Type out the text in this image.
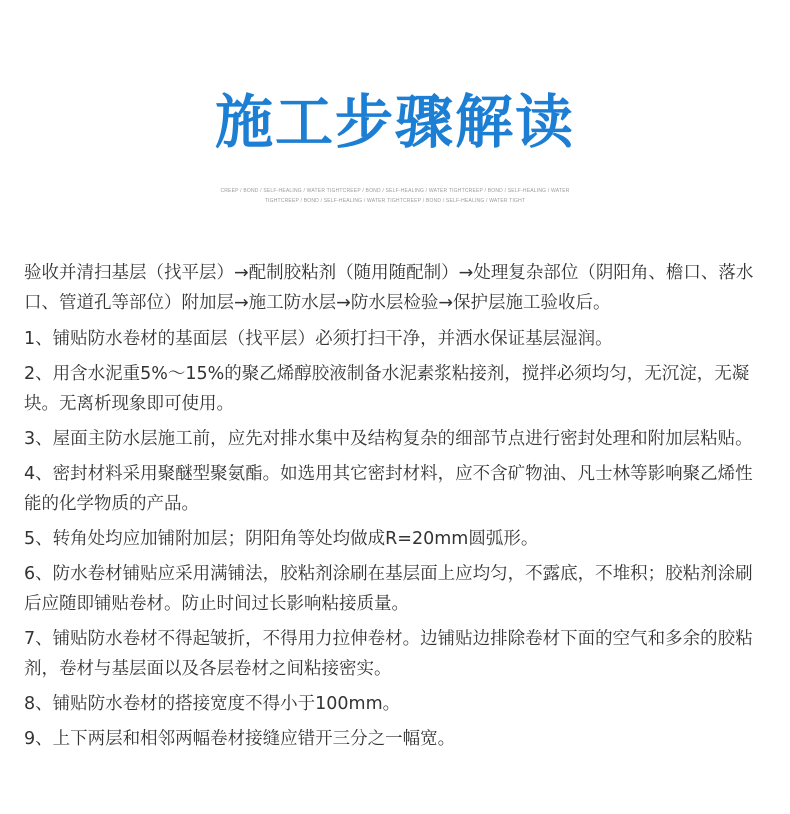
施工步骤解读
CREEP / BOND / SELF-HEALING / WATER TIGHTCREEP / BOND / SELF-HEALING / WATER TIGHTCREEP / BOND / SELF-HEALING / WATER
TIGHTCREEP / BOND / SELF-HEALING / WATER TIGHTCREEP / BOND / SELF-HEALING / WATER TIGHT

验收并清扫基层（找平层）→配制胶粘剂（随用随配制）→处理复杂部位（阴阳角、檐口、落水口、管道孔等部位）附加层→施工防水层→防水层检验→保护层施工验收后。

1、铺贴防水卷材的基面层（找平层）必须打扫干净，并洒水保证基层湿润。

2、用含水泥重5%～15%的聚乙烯醇胶液制备水泥素浆粘接剂，搅拌必须均匀，无沉淀，无凝块。无离析现象即可使用。

3、屋面主防水层施工前，应先对排水集中及结构复杂的细部节点进行密封处理和附加层粘贴。

4、密封材料采用聚醚型聚氨酯。如选用其它密封材料，应不含矿物油、凡士林等影响聚乙烯性能的化学物质的产品。

5、转角处均应加铺附加层；阴阳角等处均做成R=20mm圆弧形。

6、防水卷材铺贴应采用满铺法，胶粘剂涂刷在基层面上应均匀，不露底，不堆积；胶粘剂涂刷后应随即铺贴卷材。防止时间过长影响粘接质量。

7、铺贴防水卷材不得起皱折，不得用力拉伸卷材。边铺贴边排除卷材下面的空气和多余的胶粘剂，卷材与基层面以及各层卷材之间粘接密实。

8、铺贴防水卷材的搭接宽度不得小于100mm。

9、上下两层和相邻两幅卷材接缝应错开三分之一幅宽。
